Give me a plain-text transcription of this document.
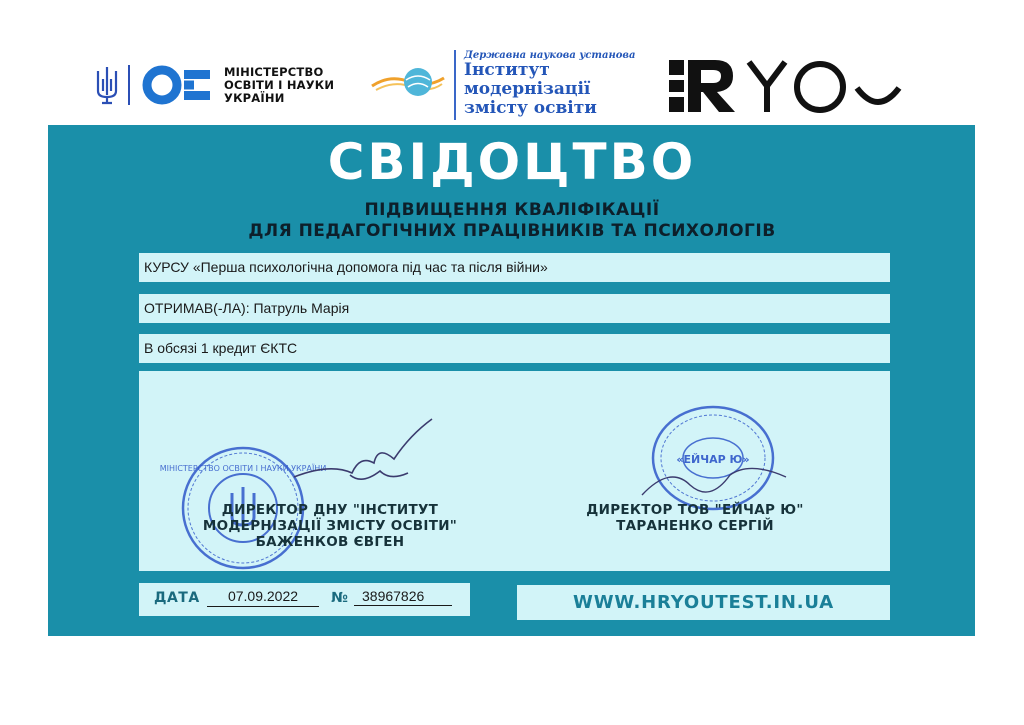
МІНІСТЕРСТВО
ОСВІТИ І НАУКИ
УКРАЇНИ
Державна наукова установа
Інститут
модернізації
змісту освіти
СВІДОЦТВО
ПІДВИЩЕННЯ КВАЛІФІКАЦІЇ
ДЛЯ ПЕДАГОГІЧНИХ ПРАЦІВНИКІВ ТА ПСИХОЛОГІВ
КУРСУ «Перша психологічна допомога під час та після війни»
ОТРИМАВ(-ЛА): Патруль Марія
В обсязі 1 кредит ЄКТС
МІНІСТЕРСТВО ОСВІТИ І НАУКИ УКРАЇНИ
«ЕЙЧАР Ю»
ДИРЕКТОР ДНУ "ІНСТИТУТ
МОДЕРНІЗАЦІЇ ЗМІСТУ ОСВІТИ"
БАЖЕНКОВ ЄВГЕН
ДИРЕКТОР ТОВ "ЕЙЧАР Ю"
ТАРАНЕНКО СЕРГІЙ
ДАТА	07.09.2022	№	38967826	WWW.HRYOUTEST.IN.UA
